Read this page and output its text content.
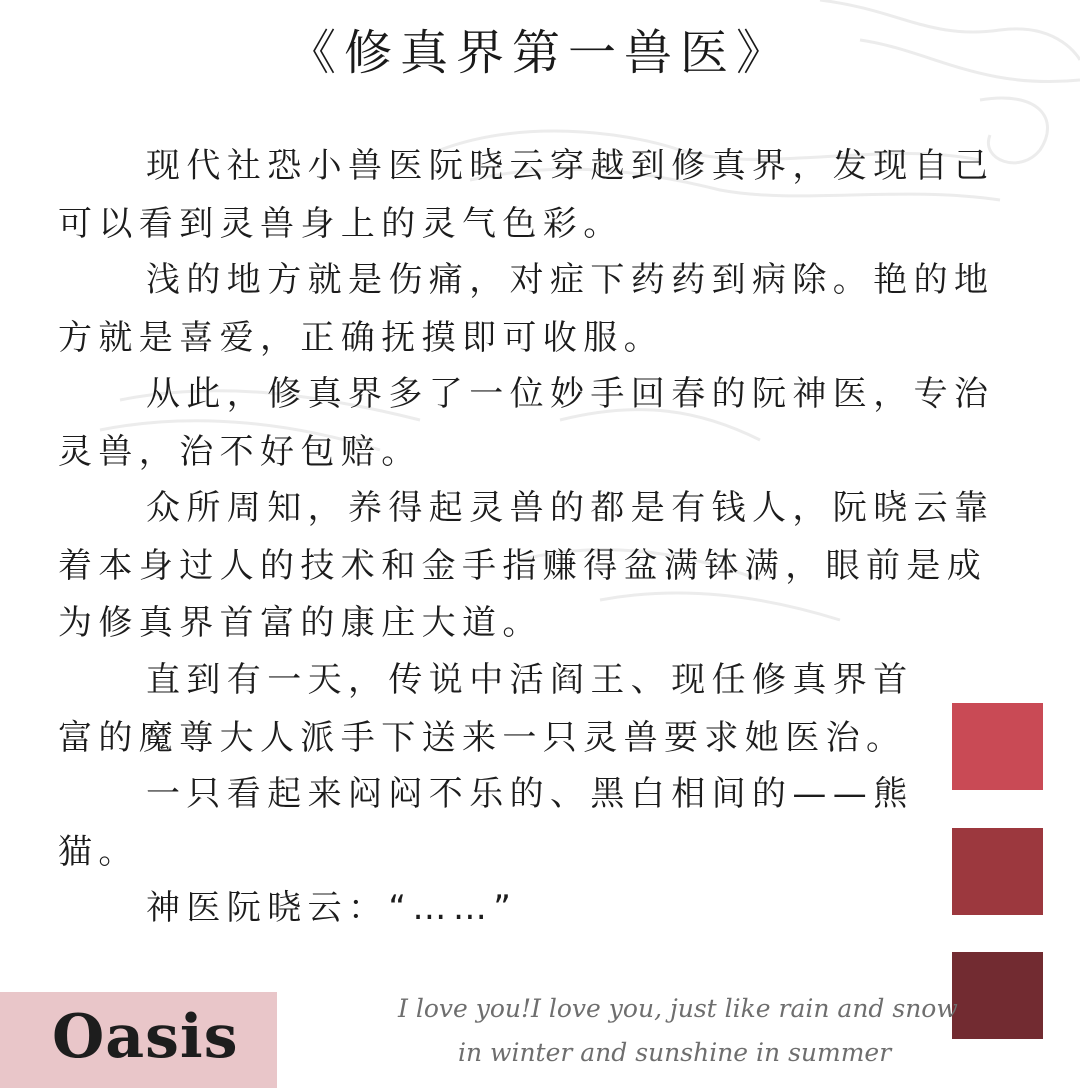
《修真界第一兽医》

现代社恐小兽医阮晓云穿越到修真界，发现自己可以看到灵兽身上的灵气色彩。

浅的地方就是伤痛，对症下药药到病除。艳的地方就是喜爱，正确抚摸即可收服。

从此，修真界多了一位妙手回春的阮神医，专治灵兽，治不好包赔。

众所周知，养得起灵兽的都是有钱人，阮晓云靠着本身过人的技术和金手指赚得盆满钵满，眼前是成为修真界首富的康庄大道。

直到有一天，传说中活阎王、现任修真界首富的魔尊大人派手下送来一只灵兽要求她医治。

一只看起来闷闷不乐的、黑白相间的——熊猫。

神医阮晓云：“……”

Oasis	I love you!I love you, just like rain and snow
in winter and sunshine in summer
